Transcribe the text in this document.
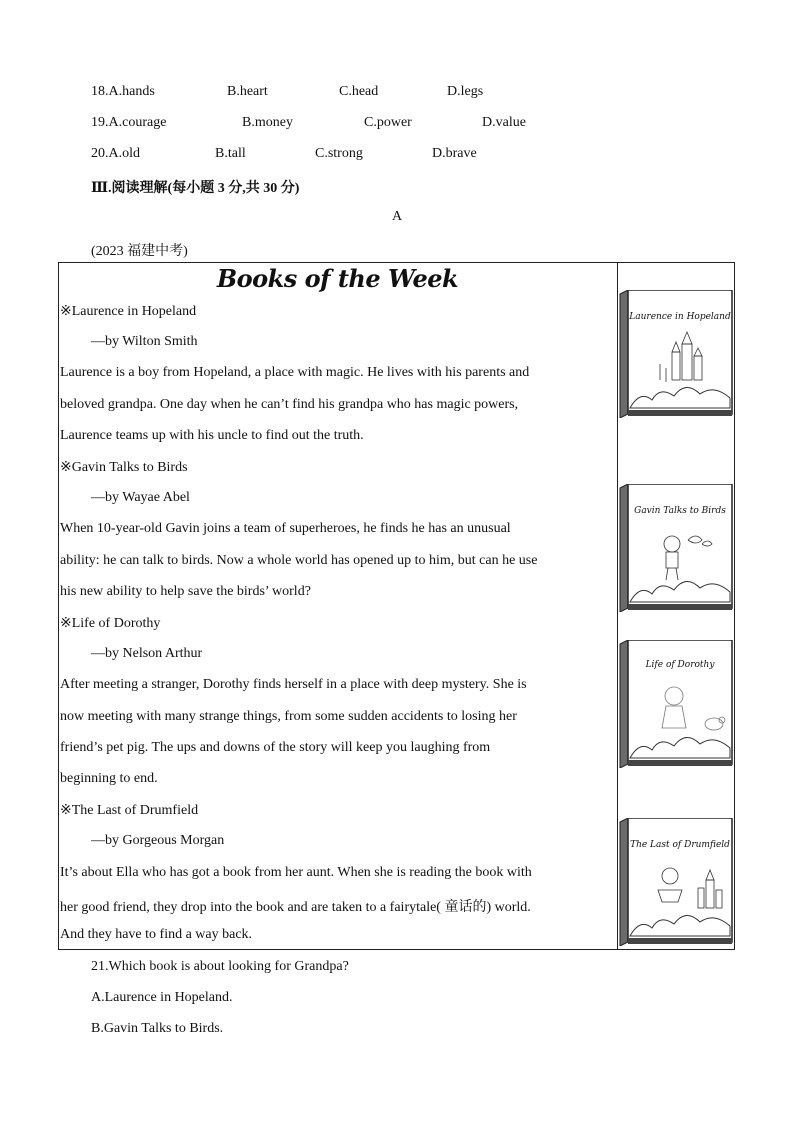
18.A.hands	B.heart	C.head	D.legs
19.A.courage	B.money	C.power	D.value
20.A.old	B.tall	C.strong	D.brave
Ⅲ.阅读理解(每小题 3 分,共 30 分)
A
(2023 福建中考)
Books of the Week
※Laurence in Hopeland
—by Wilton Smith
Laurence is a boy from Hopeland, a place with magic. He lives with his parents and
beloved grandpa. One day when he can’t find his grandpa who has magic powers,
Laurence teams up with his uncle to find out the truth.
※Gavin Talks to Birds
—by Wayae Abel
When 10-year-old Gavin joins a team of superheroes, he finds he has an unusual
ability: he can talk to birds. Now a whole world has opened up to him, but can he use
his new ability to help save the birds’ world?
※Life of Dorothy
—by Nelson Arthur
After meeting a stranger, Dorothy finds herself in a place with deep mystery. She is
now meeting with many strange things, from some sudden accidents to losing her
friend’s pet pig. The ups and downs of the story will keep you laughing from
beginning to end.
※The Last of Drumfield
—by Gorgeous Morgan
It’s about Ella who has got a book from her aunt. When she is reading the book with
her good friend, they drop into the book and are taken to a fairytale( 童话的) world.
And they have to find a way back.
Laurence in Hopeland
Gavin Talks to Birds
Life of Dorothy
The Last of Drumfield
21.Which book is about looking for Grandpa?
A.Laurence in Hopeland.
B.Gavin Talks to Birds.
